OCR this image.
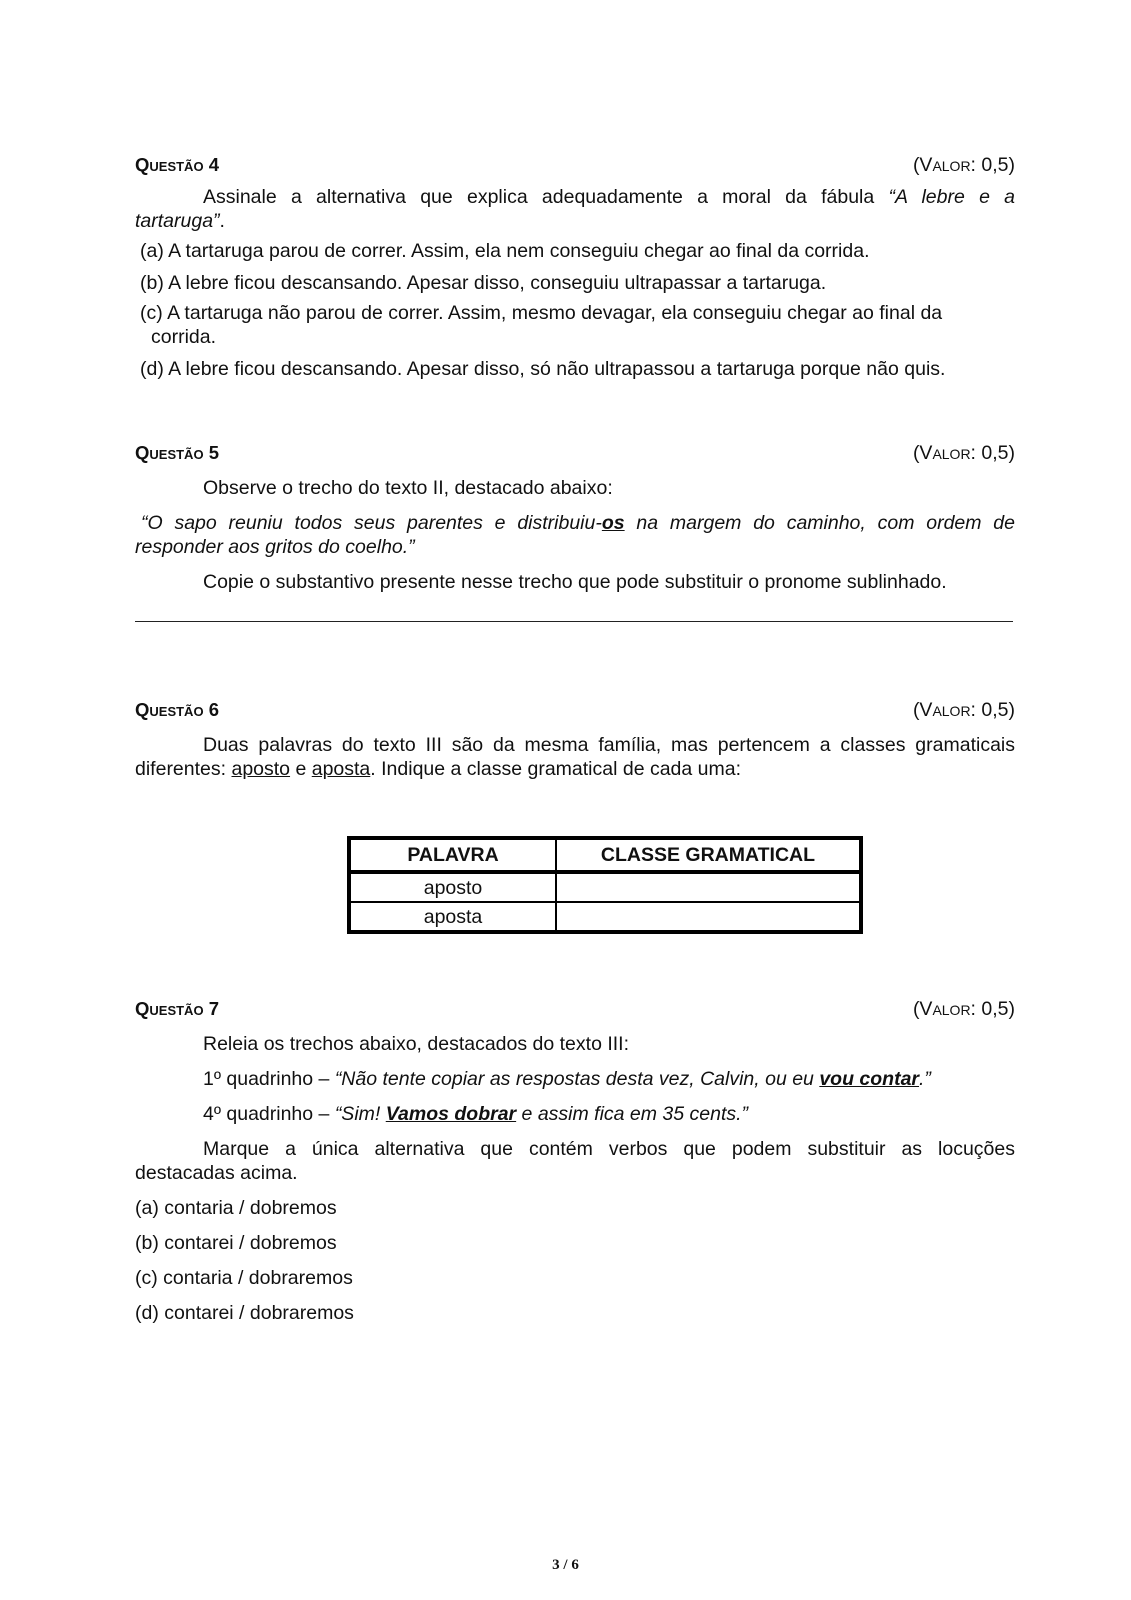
Questão 4	(Valor: 0,5)
Assinale a alternativa que explica adequadamente a moral da fábula “A lebre e a
tartaruga”.
(a) A tartaruga parou de correr. Assim, ela nem conseguiu chegar ao final da corrida.
(b) A lebre ficou descansando. Apesar disso, conseguiu ultrapassar a tartaruga.
(c) A tartaruga não parou de correr. Assim, mesmo devagar, ela conseguiu chegar ao final da
corrida.
(d) A lebre ficou descansando. Apesar disso, só não ultrapassou a tartaruga porque não quis.
Questão 5	(Valor: 0,5)
Observe o trecho do texto II, destacado abaixo:
“O sapo reuniu todos seus parentes e distribuiu-os na margem do caminho, com ordem de
responder aos gritos do coelho.”
Copie o substantivo presente nesse trecho que pode substituir o pronome sublinhado.
Questão 6	(Valor: 0,5)
Duas palavras do texto III são da mesma família, mas pertencem a classes gramaticais
diferentes: aposto e aposta. Indique a classe gramatical de cada uma:
PALAVRA	CLASSE GRAMATICAL
aposto	
aposta	
Questão 7	(Valor: 0,5)
Releia os trechos abaixo, destacados do texto III:
1º quadrinho – “Não tente copiar as respostas desta vez, Calvin, ou eu vou contar.”
4º quadrinho – “Sim! Vamos dobrar e assim fica em 35 cents.”
Marque a única alternativa que contém verbos que podem substituir as locuções
destacadas acima.
(a) contaria / dobremos
(b) contarei / dobremos
(c) contaria / dobraremos
(d) contarei / dobraremos
3 / 6
